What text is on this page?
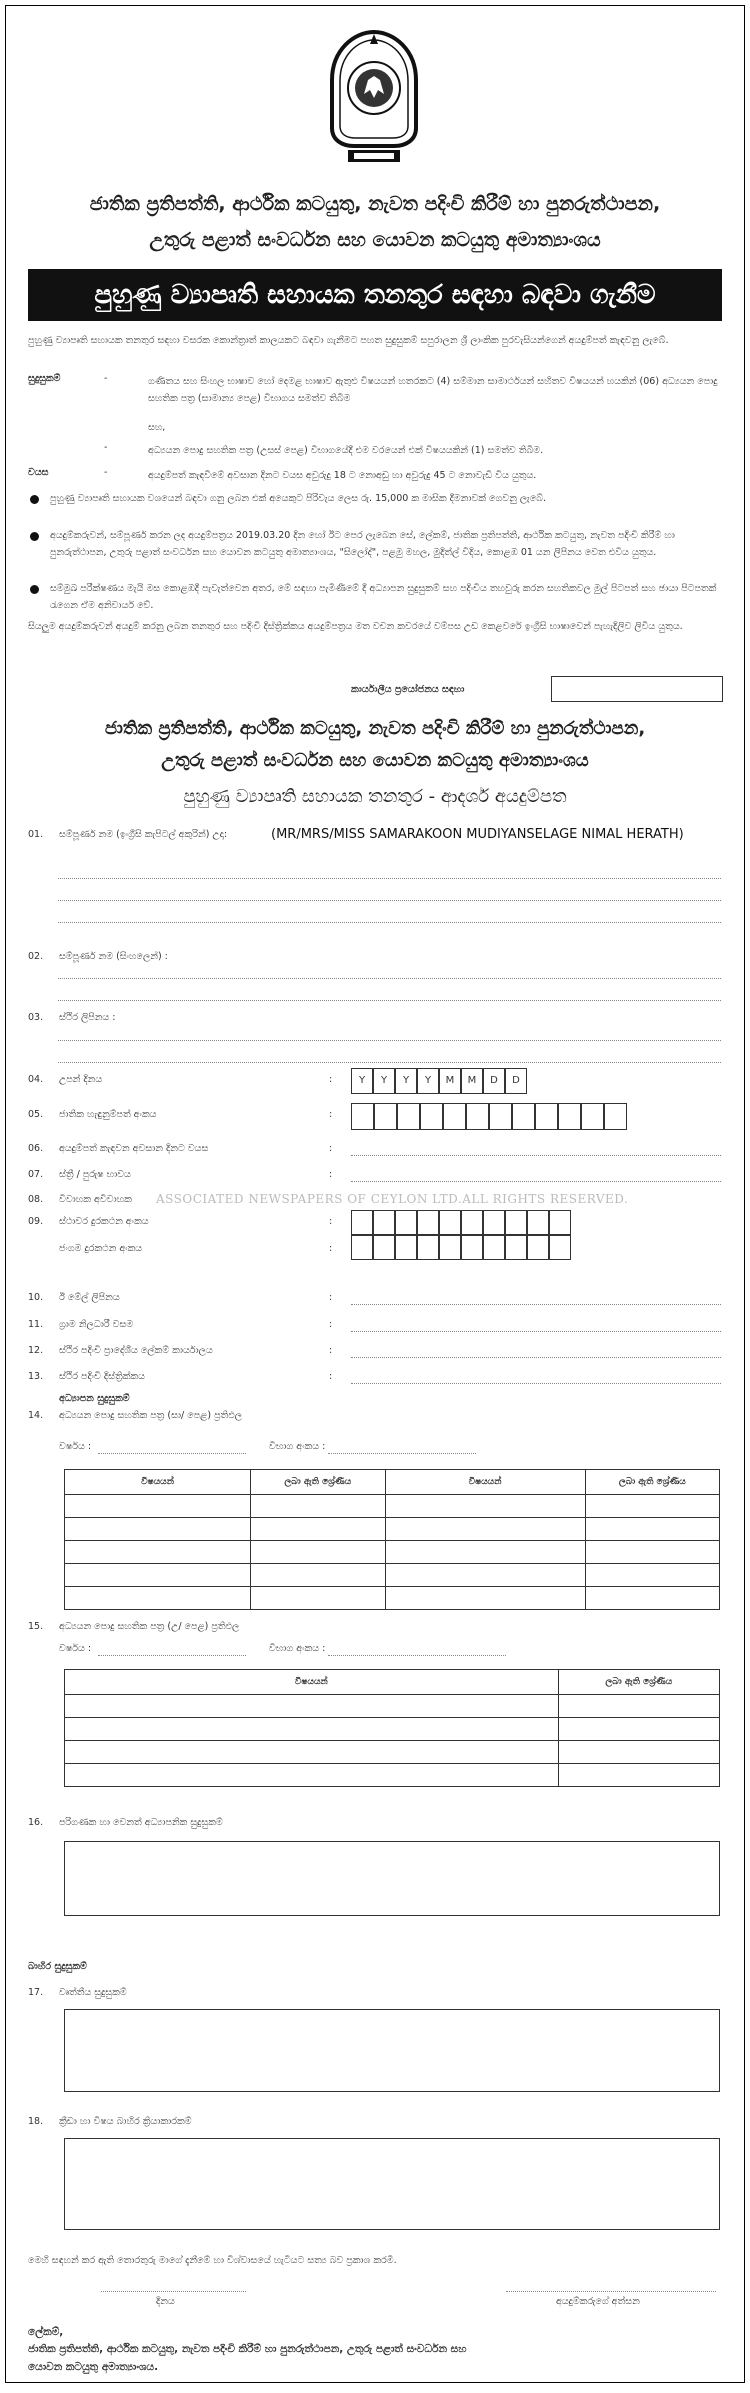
ජාතික ප්‍රතිපත්ති, ආර්ථික කටයුතු, නැවත පදිංචි කිරීම් හා පුනරුත්ථාපන,
උතුරු පළාත් සංවර්ධන සහ යොවන කටයුතු අමාත්‍යාංශය
පුහුණු ව්‍යාපෘති සහායක තනතුර සඳහා බඳවා ගැනීම
පුහුණු ව්‍යාපෘති සහායක තනතුර සඳහා වසරක කොන්ත්‍රාත් කාලයකට බඳවා ගැනීමට පහත සුදුසුකම් සපුරාලන ශ්‍රී ලාංකික පුරවැසියන්ගෙන් අයදුම්පත් කැඳවනු ලැබේ.
සුදුසුකම්	-	ගණිතය සහ සිංහල භාෂාව හෝ දෙමළ භාෂාව ඇතුළු විෂයයන් හතරකට (4) සම්මාන සාමාර්ථයන් සහිතව විෂයයන් හයකින් (06) අධ්‍යයන පොදු සහතික පත්‍ර (සාමාන්‍ය පෙළ) විභාගය සමත්ව තිබීම
සහ,
-	අධ්‍යයන පොදු සහතික පත්‍ර (උසස් පෙළ) විභාගයේදී එම වරයෙන් එක් විෂයයකින් (1) සමත්ව තිබීම.
වයස	-	අයදුම්පත් කැඳවීමේ අවසාන දිනට වයස අවුරුදු 18 ට නොඅඩු හා අවුරුදු 45 ට නොවැඩි විය යුතුය.
පුහුණු ව්‍යාපෘති සහායක වශයෙන් බඳවා ගනු ලබන එක් අයෙකුට පිරිවැය ලෙස රු. 15,000 ක මාසික දීමනාවක් ගෙවනු ලැබේ.
අයදුම්කරුවන්, සම්පූර්ණ කරන ලද අයදුම්පත්‍රය 2019.03.20 දින හෝ ඊට පෙර ලැබෙන සේ, ලේකම්, ජාතික ප්‍රතිපත්ති, ආර්ථික කටයුතු, නැවත පදිංචි කිරීම් හා පුනරුත්ථාපන, උතුරු පළාත් සංවර්ධන සහ යොවන කටයුතු අමාත්‍යාංශය, "සිලෝද්", පළමු මහල, මුදිත්ල් විදිය, කොළඹ 01 යන ලිපිනය වෙත එවිය යුතුය.
සම්මුඛ පරීක්ෂණය මැයි මස කොළඹදී පැවැත්වෙන අතර, මේ සඳහා පැමිණීමේ දී අධ්‍යාපන සුදුසුකම් සහ පදිංචිය තහවුරු කරන සහතිකවල මුල් පිටපත් සහ ඡායා පිටපතක් රැගෙන ඒම අනිවාර්ය වේ.
සියලුම අයදුම්කරුවන් අයදුම් කරනු ලබන තනතුර සහ පදිංචි දිස්ත්‍රික්කය අයදුම්පත්‍රය මත වචන කවරයේ වම්පස උඩ කෙළවරේ ඉංග්‍රීසි භාෂාවෙන් පැහැදිලිව ලිවිය යුතුය.
කාර්යාලීය ප්‍රයෝජනය සඳහා
ජාතික ප්‍රතිපත්ති, ආර්ථික කටයුතු, නැවත පදිංචි කිරීම් හා පුනරුත්ථාපන,
උතුරු පළාත් සංවර්ධන සහ යොවන කටයුතු අමාත්‍යාංශය
පුහුණු ව්‍යාපෘති සහායක තනතුර - ආදර්ශ අයදුම්පත
01. සම්පූර්ණ නම (ඉංග්‍රීසි කැපිටල් අකුරින්) උදා:	(MR/MRS/MISS SAMARAKOON MUDIYANSELAGE NIMAL HERATH)
02. සම්පූර්ණ නම (සිංහලෙන්) :
03. ස්ථිර ලිපිනය :
04. උපන් දිනය	:	Y	Y	Y	Y	M	M	D	D
05. ජාතික හැඳුනුම්පත් අංකය	:
06. අයදුම්පත් කැඳවන අවසාන දිනට වයස	:
07. ස්ත්‍රී / පුරුෂ භාවය	:
08. විවාහක අවිවාහක ASSOCIATED NEWSPAPERS OF CEYLON LTD.ALL RIGHTS RESERVED.
09. ස්ථාවර දුරකථන අංකය	:
ජංගම දුරකථන අංකය	:
10. ඊ මේල් ලිපිනය	:
11. ග්‍රාම නිලධාරී වසම	:
12. ස්ථිර පදිංචි ප්‍රාදේශීය ලේකම් කාර්යාලය	:
13. ස්ථිර පදිංචි දිස්ත්‍රික්කය	:
අධ්‍යාපන සුදුසුකම්
14. අධ්‍යයන පොදු සහතික පත්‍ර (සා/ පෙළ) ප්‍රතිඵල
වර්ෂය :	විභාග අංකය :
විෂයයන්	ලබා ඇති ශ්‍රේණිය	විෂයයන්	ලබා ඇති ශ්‍රේණිය

15. අධ්‍යයන පොදු සහතික පත්‍ර (උ/ පෙළ) ප්‍රතිඵල
වර්ෂය :	විභාග අංකය :
විෂයයන්	ලබා ඇති ශ්‍රේණිය

16. පරිගණක හා වෙනත් අධ්‍යාපනික සුදුසුකම්
බාහිර සුදුසුකම්
17. වෘත්තීය සුදුසුකම්
18. ක්‍රීඩා හා විෂය බාහිර ක්‍රියාකාරකම්
මෙහි සඳහන් කර ඇති තොරතුරු මාගේ දැනීමේ හා විශ්වාසයේ හැටියට සත්‍ය බව ප්‍රකාශ කරමි.
දිනය	අයදුම්කරුගේ අත්සන
ලේකම්,
ජාතික ප්‍රතිපත්ති, ආර්ථික කටයුතු, නැවත පදිංචි කිරීම් හා පුනරුත්ථාපන, උතුරු පළාත් සංවර්ධන සහ
යොවන කටයුතු අමාත්‍යාංශය.
